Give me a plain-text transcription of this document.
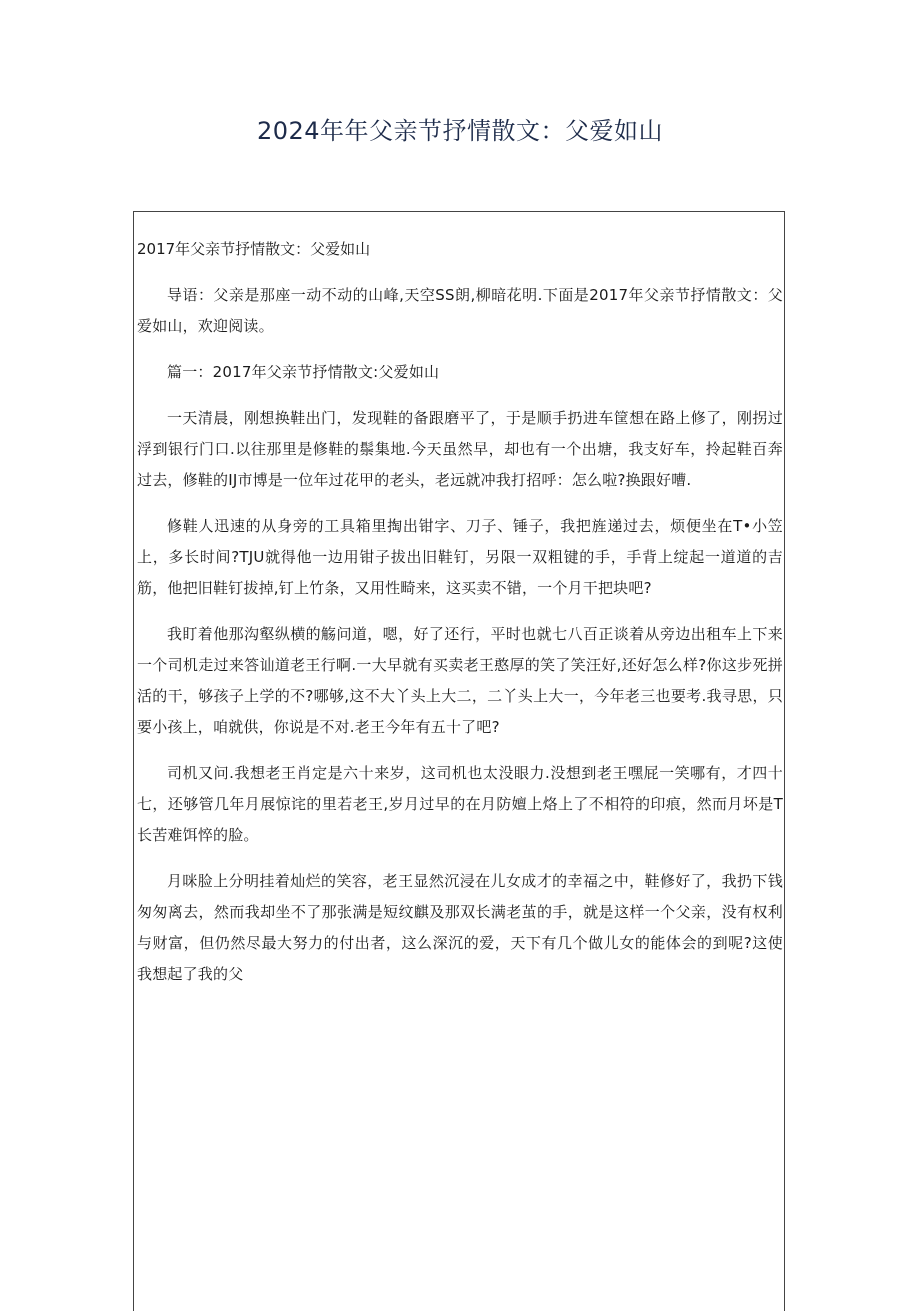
2024年年父亲节抒情散文：父爱如山

2017年父亲节抒情散文：父爱如山

导语：父亲是那座一动不动的山峰,天空SS朗,柳暗花明.下面是2017年父亲节抒情散文：父爱如山，欢迎阅读。

篇一：2017年父亲节抒情散文:父爱如山

一天清晨，刚想换鞋出门，发现鞋的备跟磨平了，于是顺手扔进车筐想在路上修了，刚拐过浮到银行门口.以往那里是修鞋的鬃集地.今天虽然早，却也有一个出塘，我支好车，拎起鞋百奔过去，修鞋的IJ市博是一位年过花甲的老头，老远就冲我打招呼：怎么啦?换跟好嘈.

修鞋人迅速的从身旁的工具箱里掏出钳字、刀子、锤子，我把旌递过去，烦便坐在T•小笠上，多长时间?TJU就得他一边用钳子拔出旧鞋钉，另限一双粗键的手，手背上绽起一道道的吉筋，他把旧鞋钉拔掉,钉上竹条，又用性畸来，这买卖不错，一个月干把块吧?

我盯着他那沟壑纵横的觞问道，嗯，好了还行，平时也就七八百正谈着从旁边出租车上下来一个司机走过来答讪道老王行啊.一大早就有买卖老王憨厚的笑了笑汪好,还好怎么样?你这步死拼活的干，够孩子上学的不?哪够,这不大丫头上大二，二丫头上大一，今年老三也要考.我寻思，只要小孩上，咱就供，你说是不对.老王今年有五十了吧?

司机又问.我想老王肖定是六十来岁，这司机也太没眼力.没想到老王嘿屁一笑哪有，才四十七，还够管几年月展惊诧的里若老王,岁月过早的在月防嬗上烙上了不相符的印痕，然而月坏是T长苦难饵悴的脸。

月咪脸上分明挂着灿烂的笑容，老王显然沉浸在儿女成才的幸福之中，鞋修好了，我扔下钱匆匆离去，然而我却坐不了那张满是短纹麒及那双长满老茧的手，就是这样一个父亲，没有权利与财富，但仍然尽最大努力的付出者，这么深沉的爱，天下有几个做儿女的能体会的到呢?这使我想起了我的父
